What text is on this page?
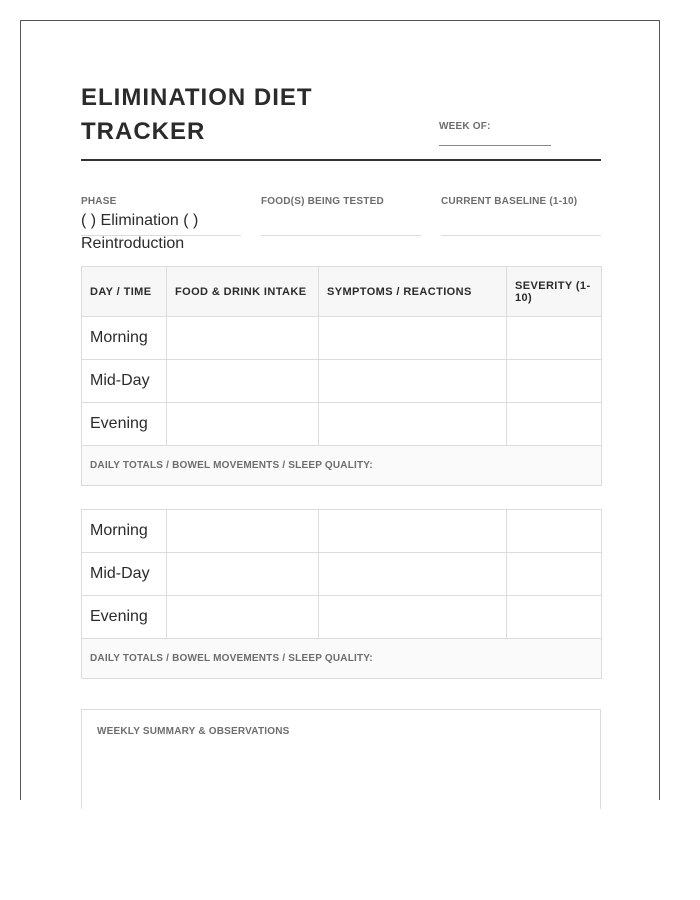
ELIMINATION DIET TRACKER	WEEK OF:
PHASE
( ) Elimination ( ) Reintroduction
FOOD(S) BEING TESTED	CURRENT BASELINE (1-10)
DAY / TIME	FOOD & DRINK INTAKE	SYMPTOMS / REACTIONS	SEVERITY (1-10)
Morning			
Mid-Day			
Evening			
DAILY TOTALS / BOWEL MOVEMENTS / SLEEP QUALITY:			
Morning			
Mid-Day			
Evening			
DAILY TOTALS / BOWEL MOVEMENTS / SLEEP QUALITY:			
WEEKLY SUMMARY & OBSERVATIONS
